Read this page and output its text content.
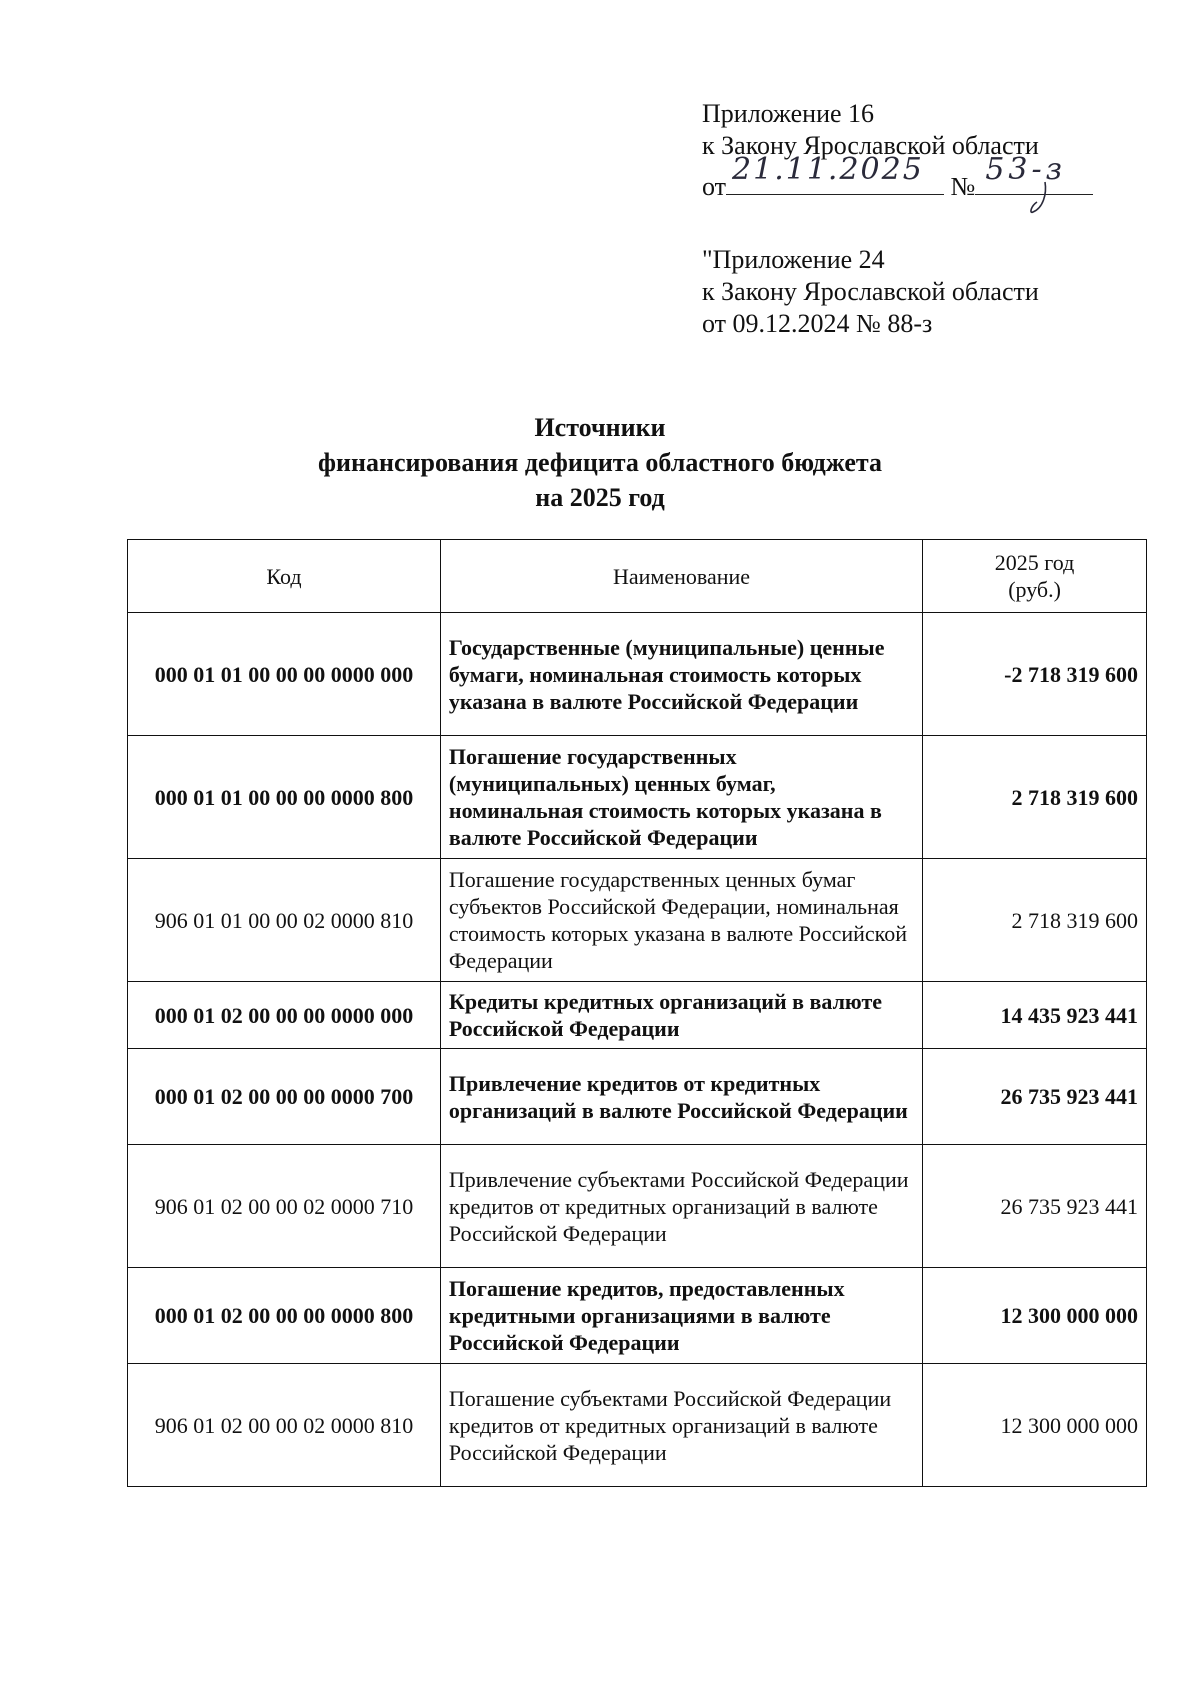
Приложение 16
к Закону Ярославской области
от 21.11.2025 № 53-з
"Приложение 24
к Закону Ярославской области
от 09.12.2024 № 88-з
Источники
финансирования дефицита областного бюджета
на 2025 год
Код	Наименование	2025 год
(руб.)
000 01 01 00 00 00 0000 000	Государственные (муниципальные) ценные бумаги, номинальная стоимость которых указана в валюте Российской Федерации	-2 718 319 600
000 01 01 00 00 00 0000 800	Погашение государственных (муниципальных) ценных бумаг, номинальная стоимость которых указана в валюте Российской Федерации	2 718 319 600
906 01 01 00 00 02 0000 810	Погашение государственных ценных бумаг субъектов Российской Федерации, номинальная стоимость которых указана в валюте Российской Федерации	2 718 319 600
000 01 02 00 00 00 0000 000	Кредиты кредитных организаций в валюте Российской Федерации	14 435 923 441
000 01 02 00 00 00 0000 700	Привлечение кредитов от кредитных организаций в валюте Российской Федерации	26 735 923 441
906 01 02 00 00 02 0000 710	Привлечение субъектами Российской Федерации кредитов от кредитных организаций в валюте Российской Федерации	26 735 923 441
000 01 02 00 00 00 0000 800	Погашение кредитов, предоставленных кредитными организациями в валюте Российской Федерации	12 300 000 000
906 01 02 00 00 02 0000 810	Погашение субъектами Российской Федерации кредитов от кредитных организаций в валюте Российской Федерации	12 300 000 000
